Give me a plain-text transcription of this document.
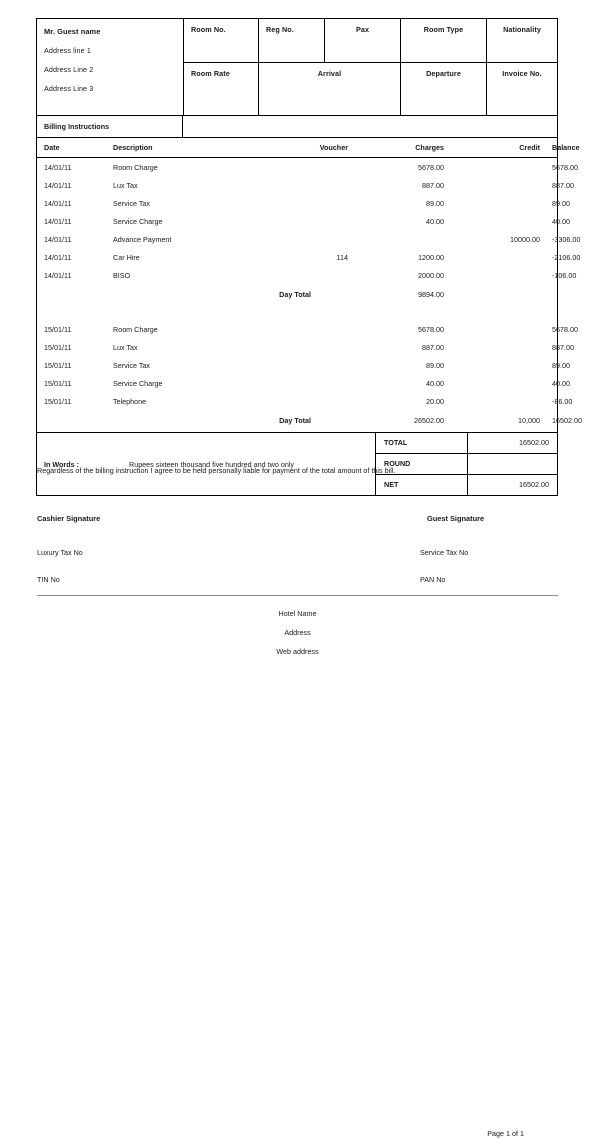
Mr. Guest name
Address line 1
Address Line 2
Address Line 3	Room No.	Reg No.	Pax	Room Type	Nationality
	Room Rate	Arrival		Departure	Invoice No.
Billing Instructions	
Date	Description	Voucher	Charges	Credit	Balance
14/01/11	Room Charge		5678.00		5678.00
14/01/11	Lux Tax		887.00		887.00
14/01/11	Service Tax		89.00		89.00
14/01/11	Service Charge		40.00		40.00
14/01/11	Advance Payment			10000.00	-3306.00
14/01/11	Car Hire	114	1200.00		-2106.00
14/01/11	BISO		2000.00		-106.00
Day Total			9894.00		

15/01/11	Room Charge		5678.00		5678.00
15/01/11	Lux Tax		887.00		887.00
15/01/11	Service Tax		89.00		89.00
15/01/11	Service Charge		40.00		40.00
15/01/11	Telephone		20.00		-86.00
Day Total			26502.00	10,000	16502.00
In Words :	Rupees sixteen thousand five hundred and two only
TOTAL	16502.00
ROUND	
NET	16502.00
Regardless of the billing instruction I agree to be held personally liable for payment of the total amount of this bill.
Cashier Signature	Guest Signature
Luxury Tax No
TIN No
Service Tax No
PAN No
Page 1 of 1
Hotel Name
Address
Web address
